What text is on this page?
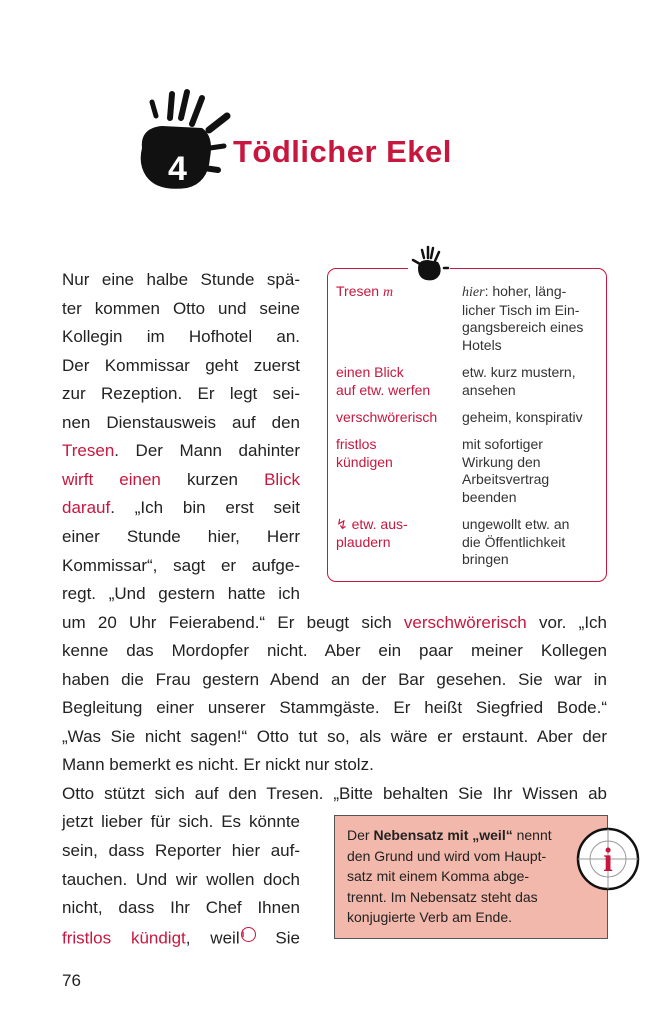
4 Tödlicher Ekel
Nur eine halbe Stunde spä-
ter kommen Otto und seine
Kollegin im Hofhotel an.
Der Kommissar geht zuerst
zur Rezeption. Er legt sei-
nen Dienstausweis auf den
Tresen. Der Mann dahinter
wirft einen kurzen Blick
darauf. „Ich bin erst seit
einer Stunde hier, Herr
Kommissar“, sagt er aufge-
regt. „Und gestern hatte ich
um 20 Uhr Feierabend.“ Er beugt sich verschwörerisch vor. „Ich
kenne das Mordopfer nicht. Aber ein paar meiner Kollegen
haben die Frau gestern Abend an der Bar gesehen. Sie war in
Begleitung einer unserer Stammgäste. Er heißt Siegfried Bode.“
„Was Sie nicht sagen!“ Otto tut so, als wäre er erstaunt. Aber der
Mann bemerkt es nicht. Er nickt nur stolz.
Otto stützt sich auf den Tresen. „Bitte behalten Sie Ihr Wissen ab
jetzt lieber für sich. Es könnte
sein, dass Reporter hier auf-
tauchen. Und wir wollen doch
nicht, dass Ihr Chef Ihnen
fristlos kündigt, weil i Sie
Tresen m	hier: hoher, läng-
licher Tisch im Ein-
gangsbereich eines
Hotels
einen Blick
auf etw. werfen
etw. kurz mustern,
ansehen
verschwörerisch	geheim, konspirativ
fristlos
kündigen
mit sofortiger
Wirkung den
Arbeitsvertrag
beenden
↯ etw. aus-
plaudern
ungewollt etw. an
die Öffentlichkeit
bringen
Der Nebensatz mit „weil“ nennt den Grund und wird vom Haupt-satz mit einem Komma abge-trennt. Im Nebensatz steht das konjugierte Verb am Ende.
i
76
